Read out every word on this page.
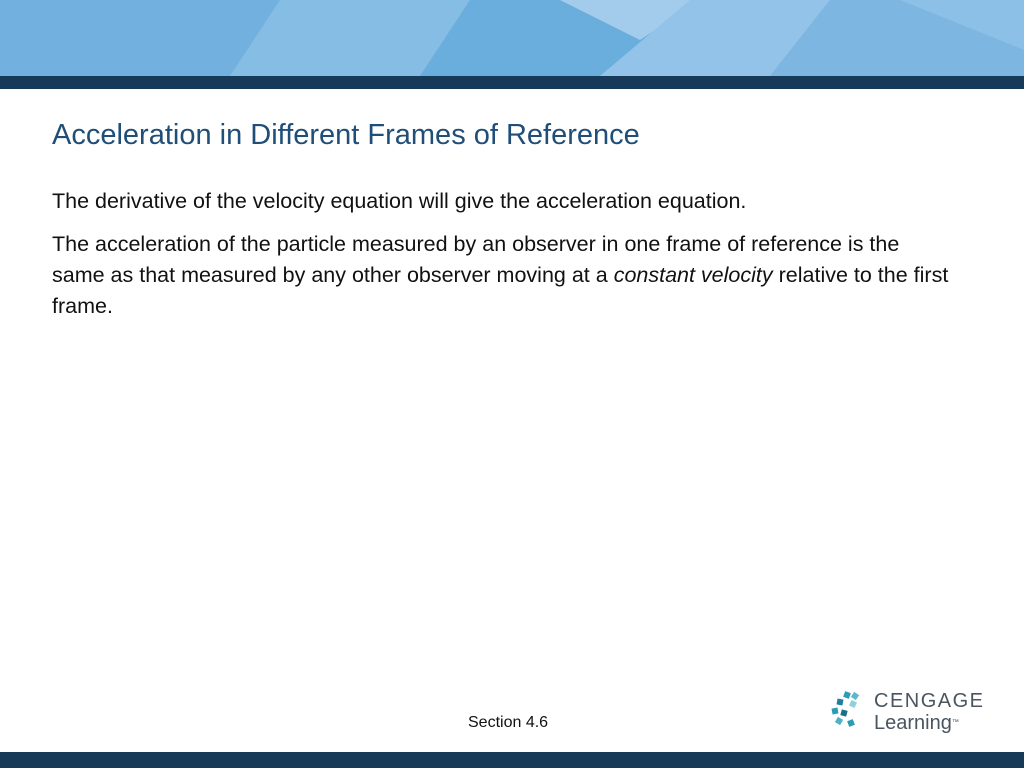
Acceleration in Different Frames of Reference

The derivative of the velocity equation will give the acceleration equation.

The acceleration of the particle measured by an observer in one frame of reference is the same as that measured by any other observer moving at a constant velocity relative to the first frame.

Section 4.6
CENGAGE
Learning™
